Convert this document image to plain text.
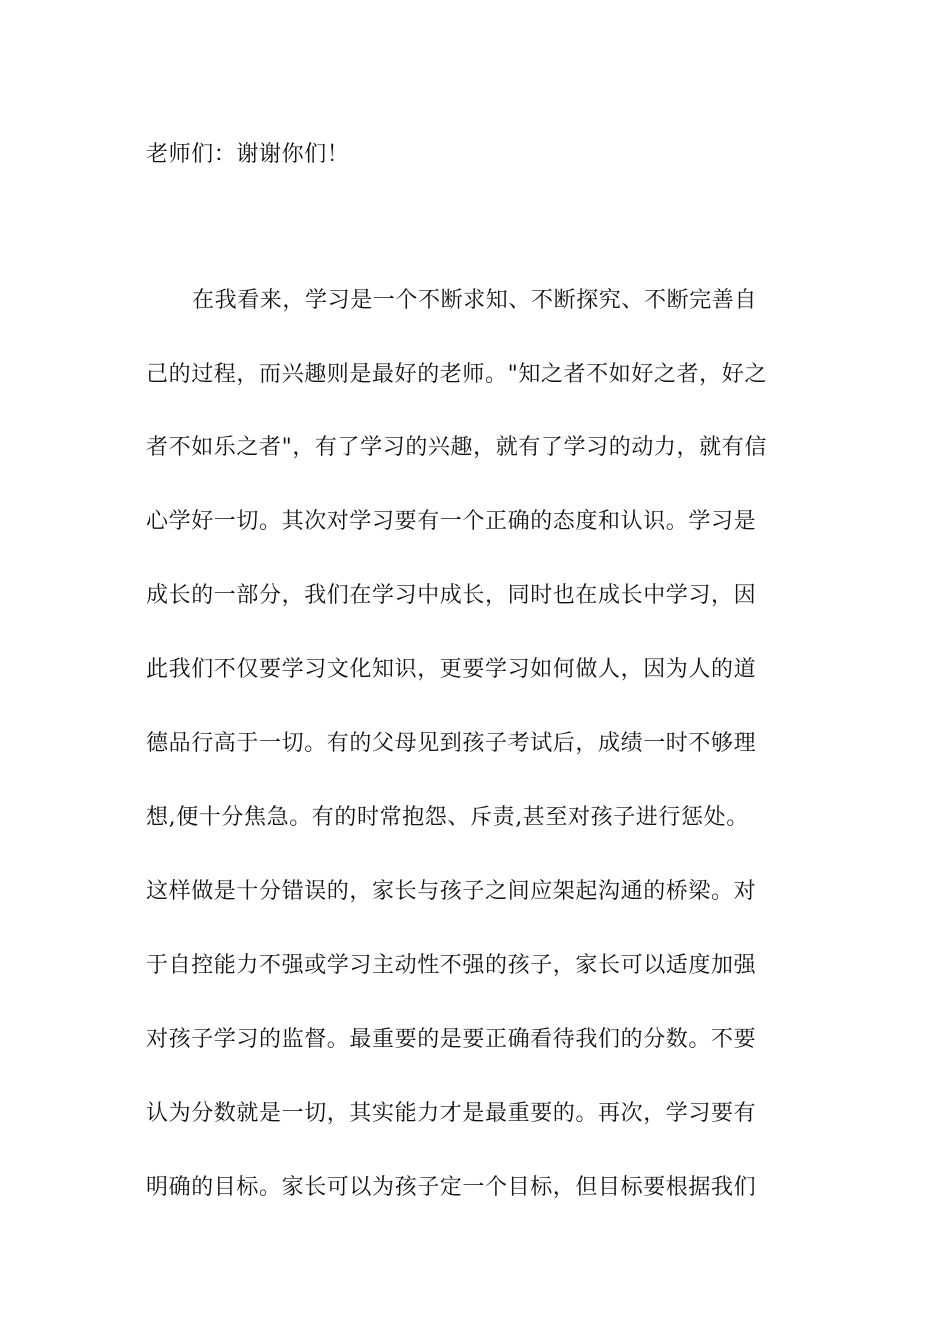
老师们：谢谢你们！
在我看来，学习是一个不断求知、不断探究、不断完善自
己的过程，而兴趣则是最好的老师。"知之者不如好之者，好之
者不如乐之者"，有了学习的兴趣，就有了学习的动力，就有信
心学好一切。其次对学习要有一个正确的态度和认识。学习是
成长的一部分，我们在学习中成长，同时也在成长中学习，因
此我们不仅要学习文化知识，更要学习如何做人，因为人的道
德品行高于一切。有的父母见到孩子考试后，成绩一时不够理
想,便十分焦急。有的时常抱怨、斥责,甚至对孩子进行惩处。
这样做是十分错误的，家长与孩子之间应架起沟通的桥梁。对
于自控能力不强或学习主动性不强的孩子，家长可以适度加强
对孩子学习的监督。最重要的是要正确看待我们的分数。不要
认为分数就是一切，其实能力才是最重要的。再次，学习要有
明确的目标。家长可以为孩子定一个目标，但目标要根据我们
